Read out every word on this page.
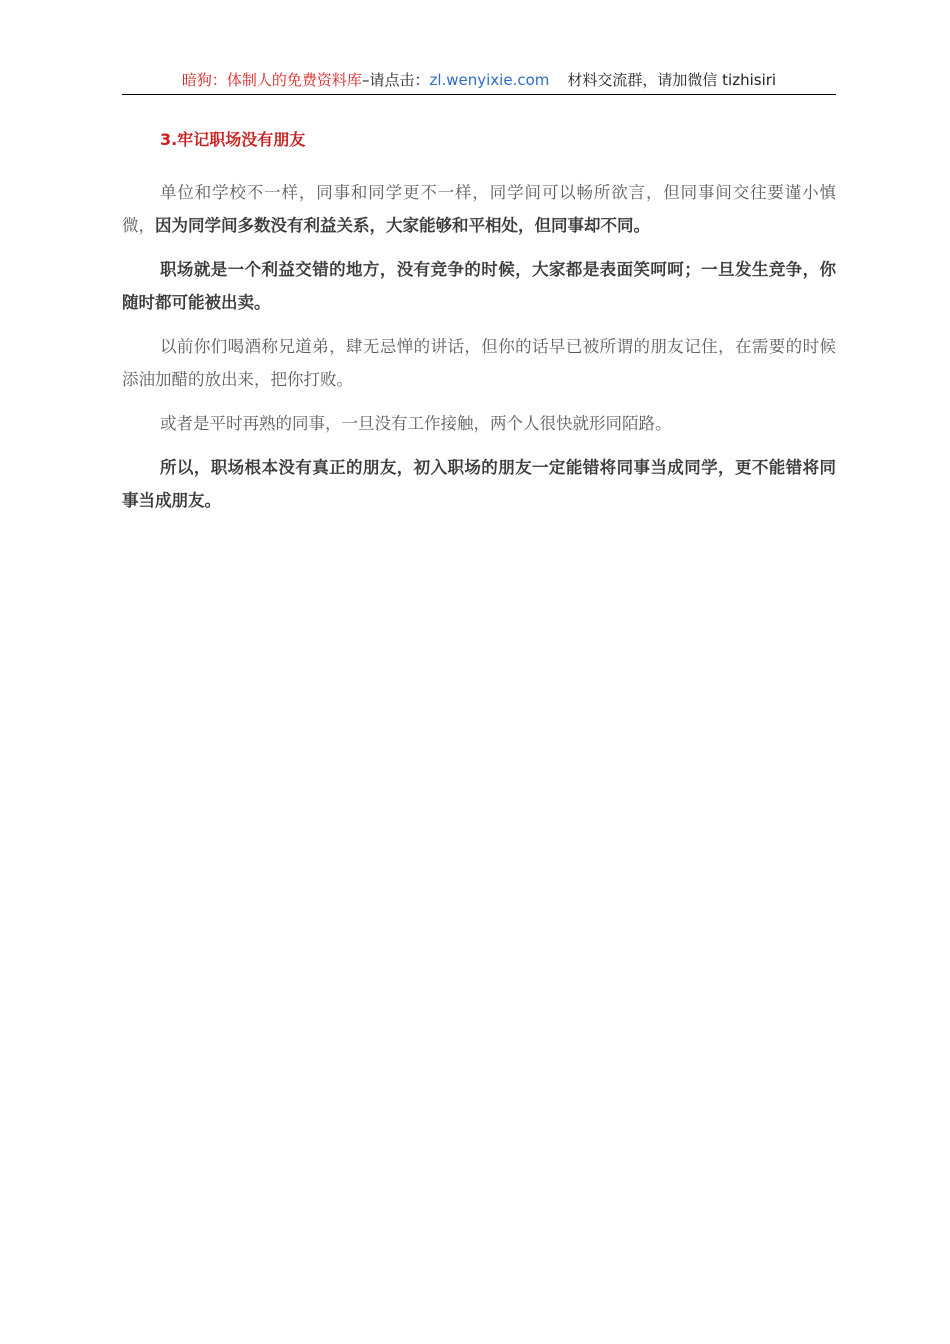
暗狗：体制人的免费资料库–请点击：zl.wenyixie.com 材料交流群，请加微信 tizhisiri
3.牢记职场没有朋友

单位和学校不一样，同事和同学更不一样，同学间可以畅所欲言，但同事间交往要谨小慎微，因为同学间多数没有利益关系，大家能够和平相处，但同事却不同。

职场就是一个利益交错的地方，没有竞争的时候，大家都是表面笑呵呵；一旦发生竞争，你随时都可能被出卖。

以前你们喝酒称兄道弟，肆无忌惮的讲话，但你的话早已被所谓的朋友记住，在需要的时候添油加醋的放出来，把你打败。

或者是平时再熟的同事，一旦没有工作接触，两个人很快就形同陌路。

所以，职场根本没有真正的朋友，初入职场的朋友一定能错将同事当成同学，更不能错将同事当成朋友。
